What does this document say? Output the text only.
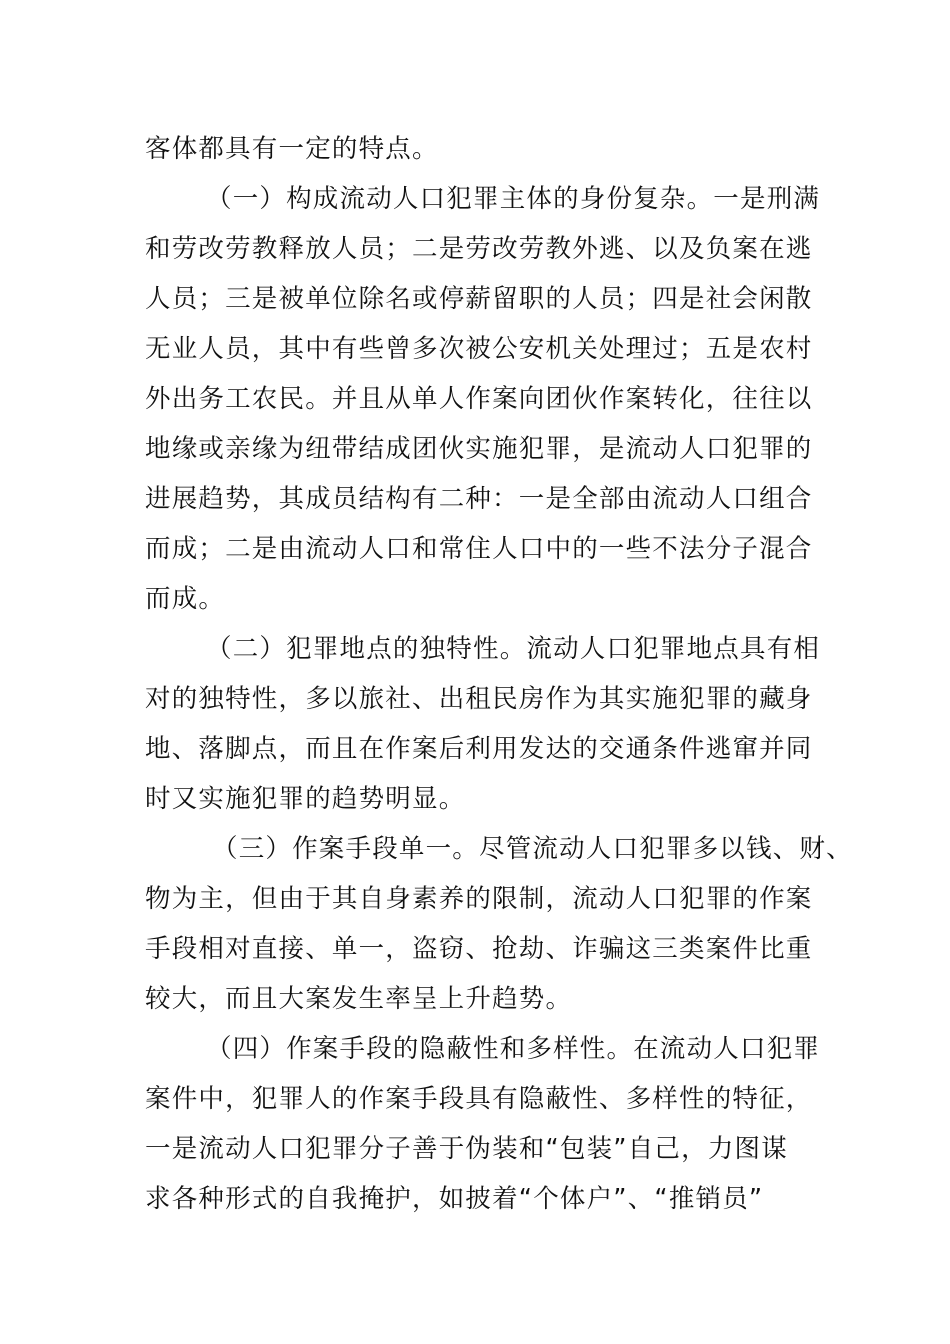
客体都具有一定的特点。
（一）构成流动人口犯罪主体的身份复杂。一是刑满
和劳改劳教释放人员；二是劳改劳教外逃、以及负案在逃
人员；三是被单位除名或停薪留职的人员；四是社会闲散
无业人员，其中有些曾多次被公安机关处理过；五是农村
外出务工农民。并且从单人作案向团伙作案转化，往往以
地缘或亲缘为纽带结成团伙实施犯罪，是流动人口犯罪的
进展趋势，其成员结构有二种：一是全部由流动人口组合
而成；二是由流动人口和常住人口中的一些不法分子混合
而成。
（二）犯罪地点的独特性。流动人口犯罪地点具有相
对的独特性，多以旅社、出租民房作为其实施犯罪的藏身
地、落脚点，而且在作案后利用发达的交通条件逃窜并同
时又实施犯罪的趋势明显。
（三）作案手段单一。尽管流动人口犯罪多以钱、财、
物为主，但由于其自身素养的限制，流动人口犯罪的作案
手段相对直接、单一，盗窃、抢劫、诈骗这三类案件比重
较大，而且大案发生率呈上升趋势。
（四）作案手段的隐蔽性和多样性。在流动人口犯罪
案件中，犯罪人的作案手段具有隐蔽性、多样性的特征，
一是流动人口犯罪分子善于伪装和“包装”自己，力图谋
求各种形式的自我掩护，如披着“个体户”、“推销员”
